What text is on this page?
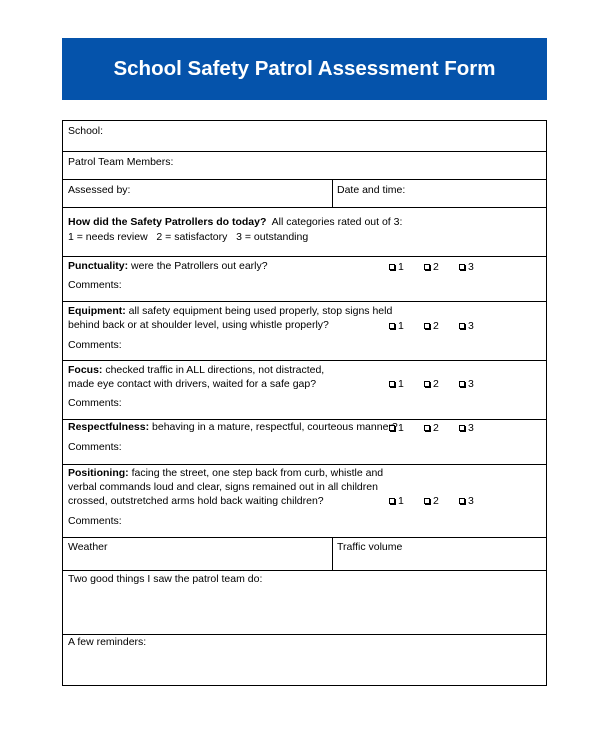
School Safety Patrol Assessment Form
School:
Patrol Team Members:
Assessed by:	Date and time:
How did the Safety Patrollers do today? All categories rated out of 3:
1 = needs review   2 = satisfactory   3 = outstanding
Punctuality: were the Patrollers out early?	1	2	3
Comments:
Equipment: all safety equipment being used properly, stop signs held
behind back or at shoulder level, using whistle properly?	1	2	3
Comments:
Focus: checked traffic in ALL directions, not distracted,
made eye contact with drivers, waited for a safe gap?	1	2	3
Comments:
Respectfulness: behaving in a mature, respectful, courteous manner? 1	2	3
Comments:
Positioning: facing the street, one step back from curb, whistle and
verbal commands loud and clear, signs remained out in all children
crossed, outstretched arms hold back waiting children?	1	2	3
Comments:
Weather	Traffic volume
Two good things I saw the patrol team do:
A few reminders:
